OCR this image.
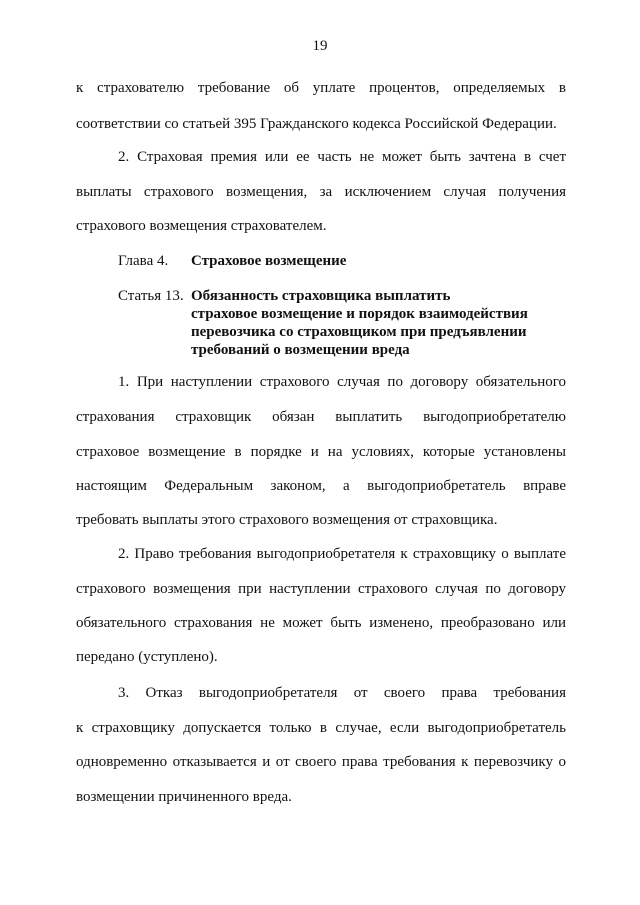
19
к страхователю требование об уплате процентов, определяемых в
соответствии со статьей 395 Гражданского кодекса Российской Федерации.
2. Страховая премия или ее часть не может быть зачтена в счет
выплаты страхового возмещения, за исключением случая получения
страхового возмещения страхователем.
Глава 4. Страховое возмещение
Статья 13. Обязанность страховщика выплатить
страховое возмещение и порядок взаимодействия
перевозчика со страховщиком при предъявлении
требований о возмещении вреда
1. При наступлении страхового случая по договору обязательного
страхования страховщик обязан выплатить выгодоприобретателю
страховое возмещение в порядке и на условиях, которые установлены
настоящим Федеральным законом, а выгодоприобретатель вправе
требовать выплаты этого страхового возмещения от страховщика.
2. Право требования выгодоприобретателя к страховщику о выплате
страхового возмещения при наступлении страхового случая по договору
обязательного страхования не может быть изменено, преобразовано или
передано (уступлено).
3. Отказ выгодоприобретателя от своего права требования
к страховщику допускается только в случае, если выгодоприобретатель
одновременно отказывается и от своего права требования к перевозчику о
возмещении причиненного вреда.
